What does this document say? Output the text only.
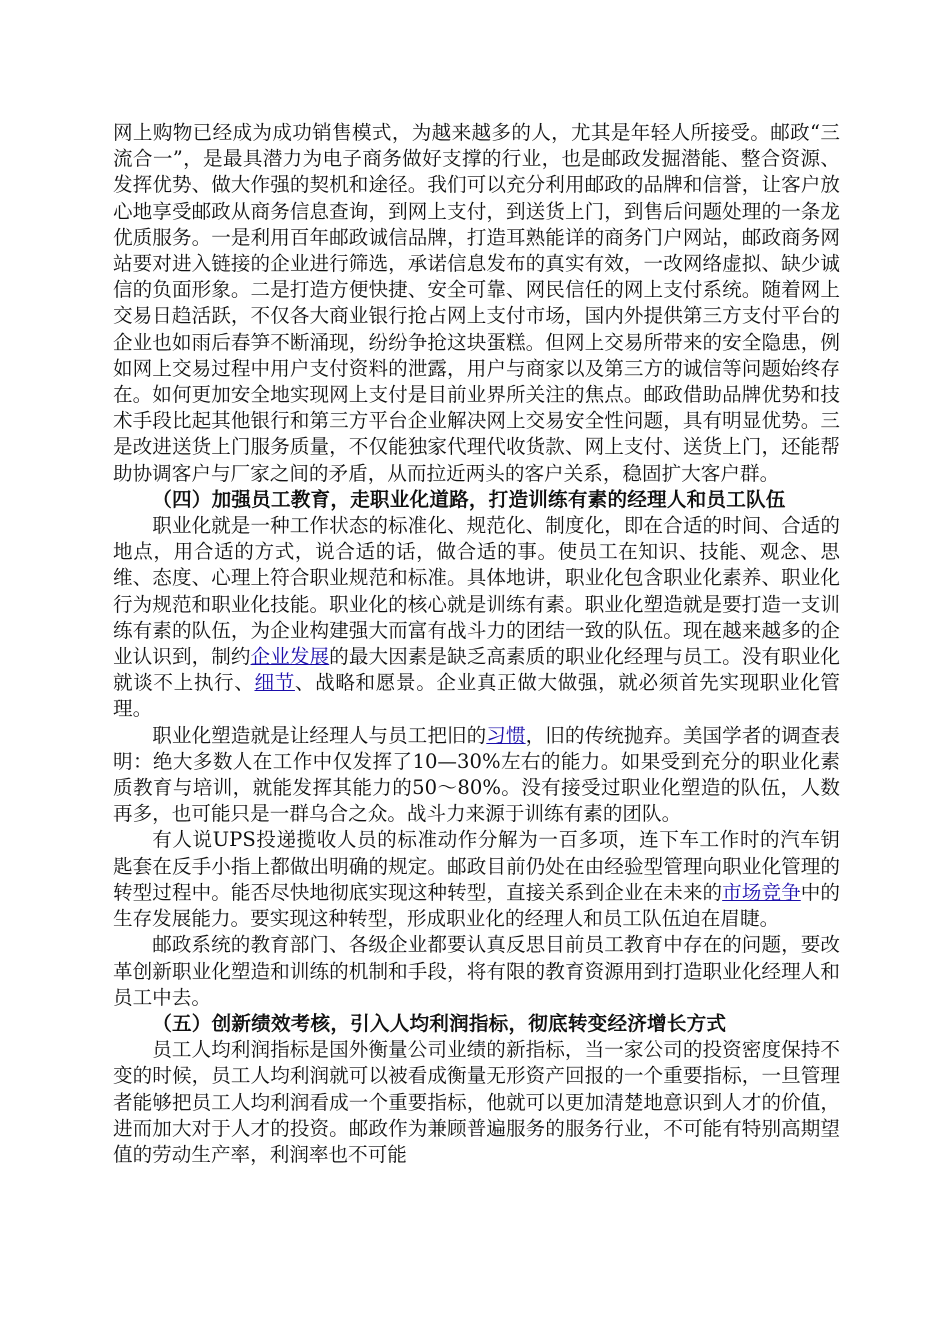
网上购物已经成为成功销售模式，为越来越多的人，尤其是年轻人所接受。邮政“三流合一”，是最具潜力为电子商务做好支撑的行业，也是邮政发掘潜能、整合资源、发挥优势、做大作强的契机和途径。我们可以充分利用邮政的品牌和信誉，让客户放心地享受邮政从商务信息查询，到网上支付，到送货上门，到售后问题处理的一条龙优质服务。一是利用百年邮政诚信品牌，打造耳熟能详的商务门户网站，邮政商务网站要对进入链接的企业进行筛选，承诺信息发布的真实有效，一改网络虚拟、缺少诚信的负面形象。二是打造方便快捷、安全可靠、网民信任的网上支付系统。随着网上交易日趋活跃，不仅各大商业银行抢占网上支付市场，国内外提供第三方支付平台的企业也如雨后春笋不断涌现，纷纷争抢这块蛋糕。但网上交易所带来的安全隐患，例如网上交易过程中用户支付资料的泄露，用户与商家以及第三方的诚信等问题始终存在。如何更加安全地实现网上支付是目前业界所关注的焦点。邮政借助品牌优势和技术手段比起其他银行和第三方平台企业解决网上交易安全性问题，具有明显优势。三是改进送货上门服务质量，不仅能独家代理代收货款、网上支付、送货上门，还能帮助协调客户与厂家之间的矛盾，从而拉近两头的客户关系，稳固扩大客户群。

（四）加强员工教育，走职业化道路，打造训练有素的经理人和员工队伍

职业化就是一种工作状态的标准化、规范化、制度化，即在合适的时间、合适的地点，用合适的方式，说合适的话，做合适的事。使员工在知识、技能、观念、思维、态度、心理上符合职业规范和标准。具体地讲，职业化包含职业化素养、职业化行为规范和职业化技能。职业化的核心就是训练有素。职业化塑造就是要打造一支训练有素的队伍，为企业构建强大而富有战斗力的团结一致的队伍。现在越来越多的企业认识到，制约企业发展的最大因素是缺乏高素质的职业化经理与员工。没有职业化就谈不上执行、细节、战略和愿景。企业真正做大做强，就必须首先实现职业化管理。

职业化塑造就是让经理人与员工把旧的习惯，旧的传统抛弃。美国学者的调查表明：绝大多数人在工作中仅发挥了10—30%左右的能力。如果受到充分的职业化素质教育与培训，就能发挥其能力的50～80%。没有接受过职业化塑造的队伍，人数再多，也可能只是一群乌合之众。战斗力来源于训练有素的团队。

有人说UPS投递揽收人员的标准动作分解为一百多项，连下车工作时的汽车钥匙套在反手小指上都做出明确的规定。邮政目前仍处在由经验型管理向职业化管理的转型过程中。能否尽快地彻底实现这种转型，直接关系到企业在未来的市场竞争中的生存发展能力。要实现这种转型，形成职业化的经理人和员工队伍迫在眉睫。

邮政系统的教育部门、各级企业都要认真反思目前员工教育中存在的问题，要改革创新职业化塑造和训练的机制和手段，将有限的教育资源用到打造职业化经理人和员工中去。

（五）创新绩效考核，引入人均利润指标，彻底转变经济增长方式

员工人均利润指标是国外衡量公司业绩的新指标，当一家公司的投资密度保持不变的时候，员工人均利润就可以被看成衡量无形资产回报的一个重要指标，一旦管理者能够把员工人均利润看成一个重要指标，他就可以更加清楚地意识到人才的价值，进而加大对于人才的投资。邮政作为兼顾普遍服务的服务行业，不可能有特别高期望值的劳动生产率，利润率也不可能
